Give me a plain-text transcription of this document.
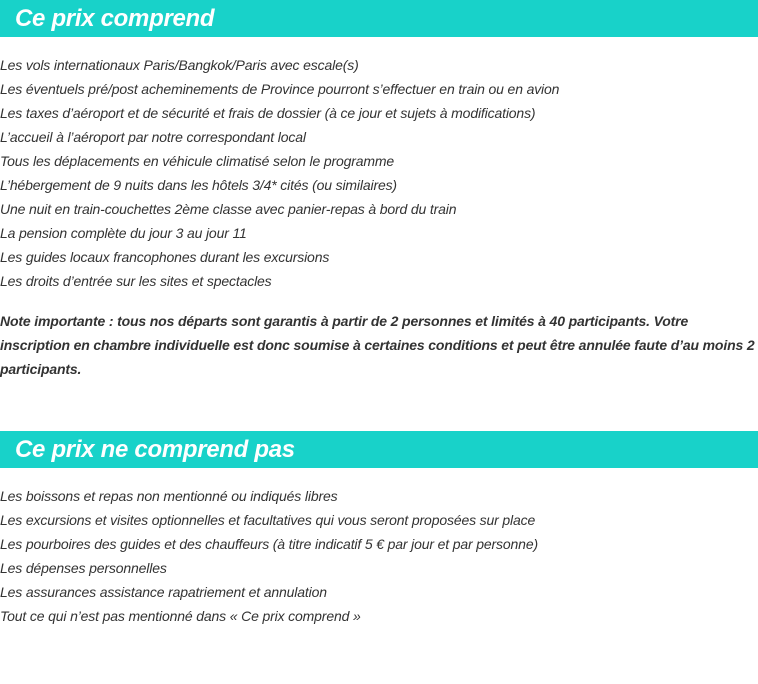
Ce prix comprend
Les vols internationaux Paris/Bangkok/Paris avec escale(s)
Les éventuels pré/post acheminements de Province pourront s’effectuer en train ou en avion
Les taxes d’aéroport et de sécurité et frais de dossier (à ce jour et sujets à modifications)
L’accueil à l’aéroport par notre correspondant local
Tous les déplacements en véhicule climatisé selon le programme
L’hébergement de 9 nuits dans les hôtels 3/4* cités (ou similaires)
Une nuit en train-couchettes 2ème classe avec panier-repas à bord du train
La pension complète du jour 3 au jour 11
Les guides locaux francophones durant les excursions
Les droits d’entrée sur les sites et spectacles

Note importante : tous nos départs sont garantis à partir de 2 personnes et limités à 40 participants. Votre inscription en chambre individuelle est donc soumise à certaines conditions et peut être annulée faute d’au moins 2 participants.

Ce prix ne comprend pas
Les boissons et repas non mentionné ou indiqués libres
Les excursions et visites optionnelles et facultatives qui vous seront proposées sur place
Les pourboires des guides et des chauffeurs (à titre indicatif 5 € par jour et par personne)
Les dépenses personnelles
Les assurances assistance rapatriement et annulation
Tout ce qui n’est pas mentionné dans « Ce prix comprend »
